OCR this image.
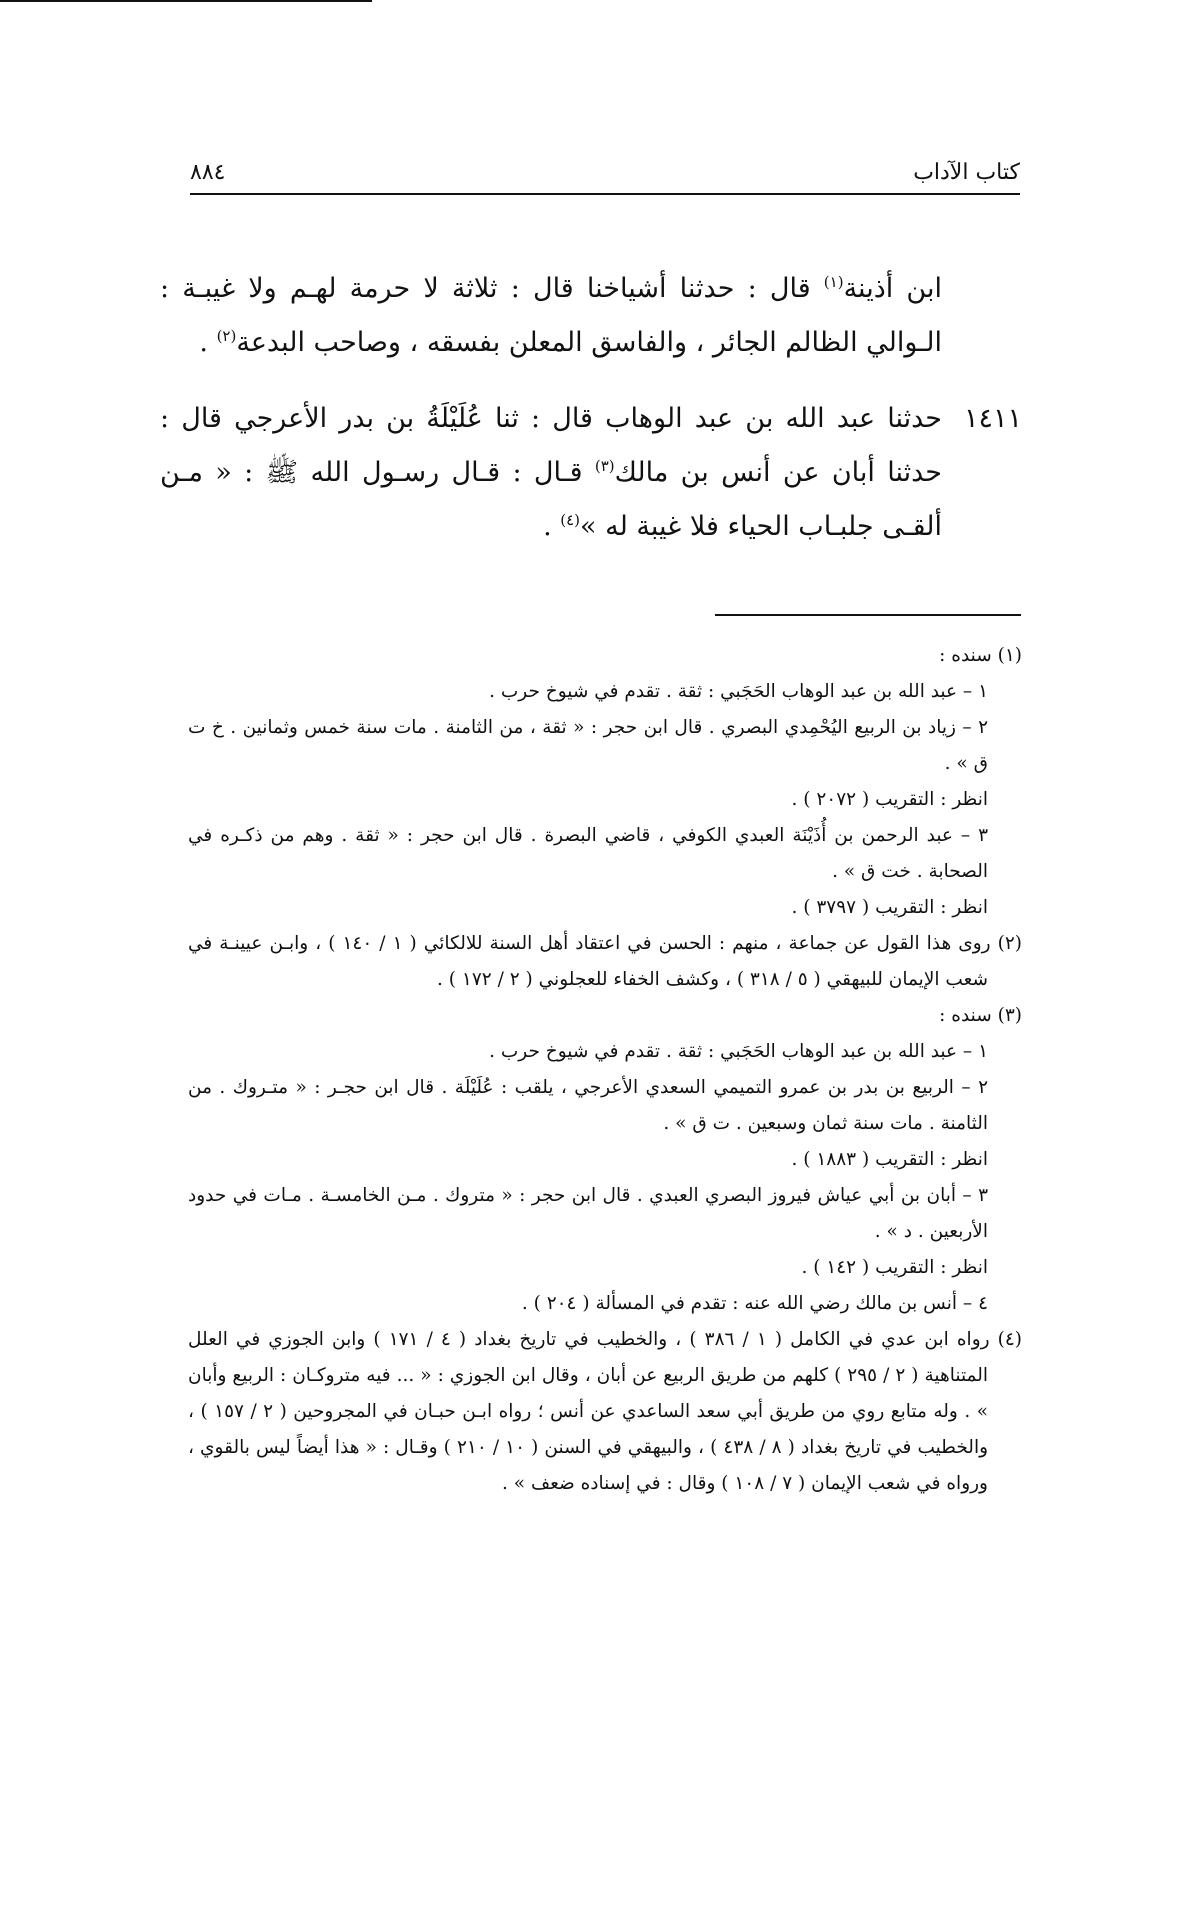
كتاب الآداب
٨٨٤

ابن أذينة$^{(١)}$ قال : حدثنا أشياخنا قال : ثلاثة لا حرمة لهـم ولا غيبـة : الـوالي الظالم الجائر ، والفاسق المعلن بفسقه ، وصاحب البدعة$^{(٢)}$ .

١٤١١
حدثنا عبد الله بن عبد الوهاب قال : ثنا عُلَيْلَةُ بن بدر الأعرجي قال : حدثنا أبان عن أنس بن مالك$^{(٣)}$ قـال : قـال رسـول الله ﷺ : « مـن ألقـى جلبـاب الحياء فلا غيبة له »$^{(٤)}$ .

(١) سنده :

١ – عبد الله بن عبد الوهاب الحَجَبي : ثقة . تقدم في شيوخ حرب .

٢ – زياد بن الربيع اليُحْمِدي البصري . قال ابن حجر : « ثقة ، من الثامنة . مات سنة خمس وثمانين . خ ت ق » .

انظر : التقريب ( ٢٠٧٢ ) .

٣ – عبد الرحمن بن أُذَيْنَة العبدي الكوفي ، قاضي البصرة . قال ابن حجر : « ثقة . وهم من ذكـره في الصحابة . خت ق » .

انظر : التقريب ( ٣٧٩٧ ) .

(٢) روى هذا القول عن جماعة ، منهم : الحسن في اعتقاد أهل السنة للالكائي ( ١ / ١٤٠ ) ، وابـن عيينـة في شعب الإيمان للبيهقي ( ٥ / ٣١٨ ) ، وكشف الخفاء للعجلوني ( ٢ / ١٧٢ ) .

(٣) سنده :

١ – عبد الله بن عبد الوهاب الحَجَبي : ثقة . تقدم في شيوخ حرب .

٢ – الربيع بن بدر بن عمرو التميمي السعدي الأعرجي ، يلقب : عُلَيْلَة . قال ابن حجـر : « متـروك . من الثامنة . مات سنة ثمان وسبعين . ت ق » .

انظر : التقريب ( ١٨٨٣ ) .

٣ – أبان بن أبي عياش فيروز البصري العبدي . قال ابن حجر : « متروك . مـن الخامسـة . مـات في حدود الأربعين . د » .

انظر : التقريب ( ١٤٢ ) .

٤ – أنس بن مالك رضي الله عنه : تقدم في المسألة ( ٢٠٤ ) .

(٤) رواه ابن عدي في الكامل ( ١ / ٣٨٦ ) ، والخطيب في تاريخ بغداد ( ٤ / ١٧١ ) وابن الجوزي في العلل المتناهية ( ٢ / ٢٩٥ ) كلهم من طريق الربيع عن أبان ، وقال ابن الجوزي : « ... فيه متروكـان : الربيع وأبان » . وله متابع روي من طريق أبي سعد الساعدي عن أنس ؛ رواه ابـن حبـان في المجروحين ( ٢ / ١٥٧ ) ، والخطيب في تاريخ بغداد ( ٨ / ٤٣٨ ) ، والبيهقي في السنن ( ١٠ / ٢١٠ ) وقـال : « هذا أيضاً ليس بالقوي ، ورواه في شعب الإيمان ( ٧ / ١٠٨ ) وقال : في إسناده ضعف » .
